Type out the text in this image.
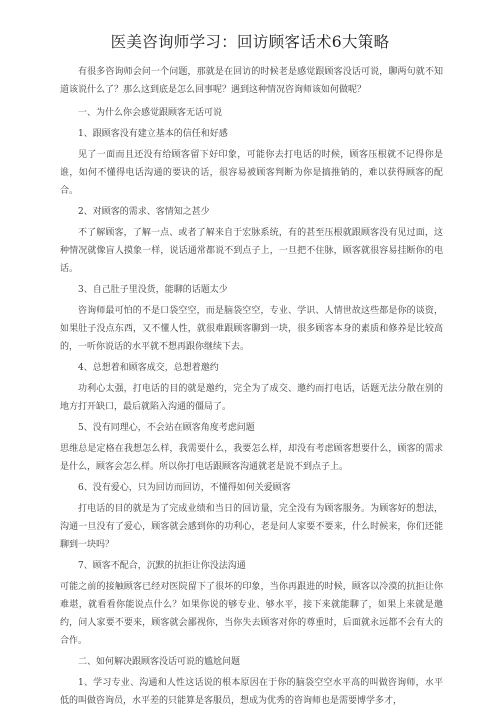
医美咨询师学习：回访顾客话术6大策略

有很多咨询师会问一个问题，那就是在回访的时候老是感觉跟顾客没话可说，聊两句就不知道该说什么了？那么这到底是怎么回事呢？遇到这种情况咨询师该如何做呢？

一、为什么你会感觉跟顾客无话可说

1、跟顾客没有建立基本的信任和好感

见了一面而且还没有给顾客留下好印象，可能你去打电话的时候，顾客压根就不记得你是谁，如何不懂得电话沟通的要诀的话，很容易被顾客判断为你是搞推销的，难以获得顾客的配合。

2、对顾客的需求、客情知之甚少

不了解顾客，了解一点、或者了解来自于宏脉系统，有的甚至压根就跟顾客没有见过面，这种情况就像盲人摸象一样，说话通常都说不到点子上，一旦把不住脉，顾客就很容易挂断你的电话。

3、自己肚子里没货，能聊的话题太少

咨询师最可怕的不是口袋空空，而是脑袋空空，专业、学识、人情世故这些都是你的谈资，如果肚子没点东西，又不懂人性，就很难跟顾客聊到一块，很多顾客本身的素质和修养是比较高的，一听你说话的水平就不想再跟你继续下去。

4、总想着和顾客成交，总想着邀约

功利心太强，打电话的目的就是邀约，完全为了成交、邀约而打电话，话题无法分散在别的地方打开缺口，最后就陷入沟通的僵局了。

5、没有同理心，不会站在顾客角度考虑问题

思维总是定格在我想怎么样，我需要什么，我要怎么样，却没有考虑顾客想要什么，顾客的需求是什么，顾客会怎么样。所以你打电话跟顾客沟通就老是说不到点子上。

6、没有爱心，只为回访而回访，不懂得如何关爱顾客

打电话的目的就是为了完成业绩和当日的回访量，完全没有为顾客服务。为顾客好的想法，沟通一旦没有了爱心，顾客就会感到你的功利心，老是问人家要不要来，什么时候来，你们还能聊到一块吗？

7、顾客不配合，沉默的抗拒让你没法沟通

可能之前的接触顾客已经对医院留下了很坏的印象，当你再跟进的时候，顾客以冷漠的抗拒让你难堪，就看看你能说点什么？如果你说的够专业、够水平，接下来就能聊了，如果上来就是邀约，问人家要不要来，顾客就会鄙视你，当你失去顾客对你的尊重时，后面就永远都不会有大的合作。

二、如何解决跟顾客没话可说的尴尬问题

1、学习专业、沟通和人性这话说的根本原因在于你的脑袋空空水平高的叫做咨询师，水平低的叫做咨询员，水平差的只能算是客服员，想成为优秀的咨询师也是需要博学多才，
